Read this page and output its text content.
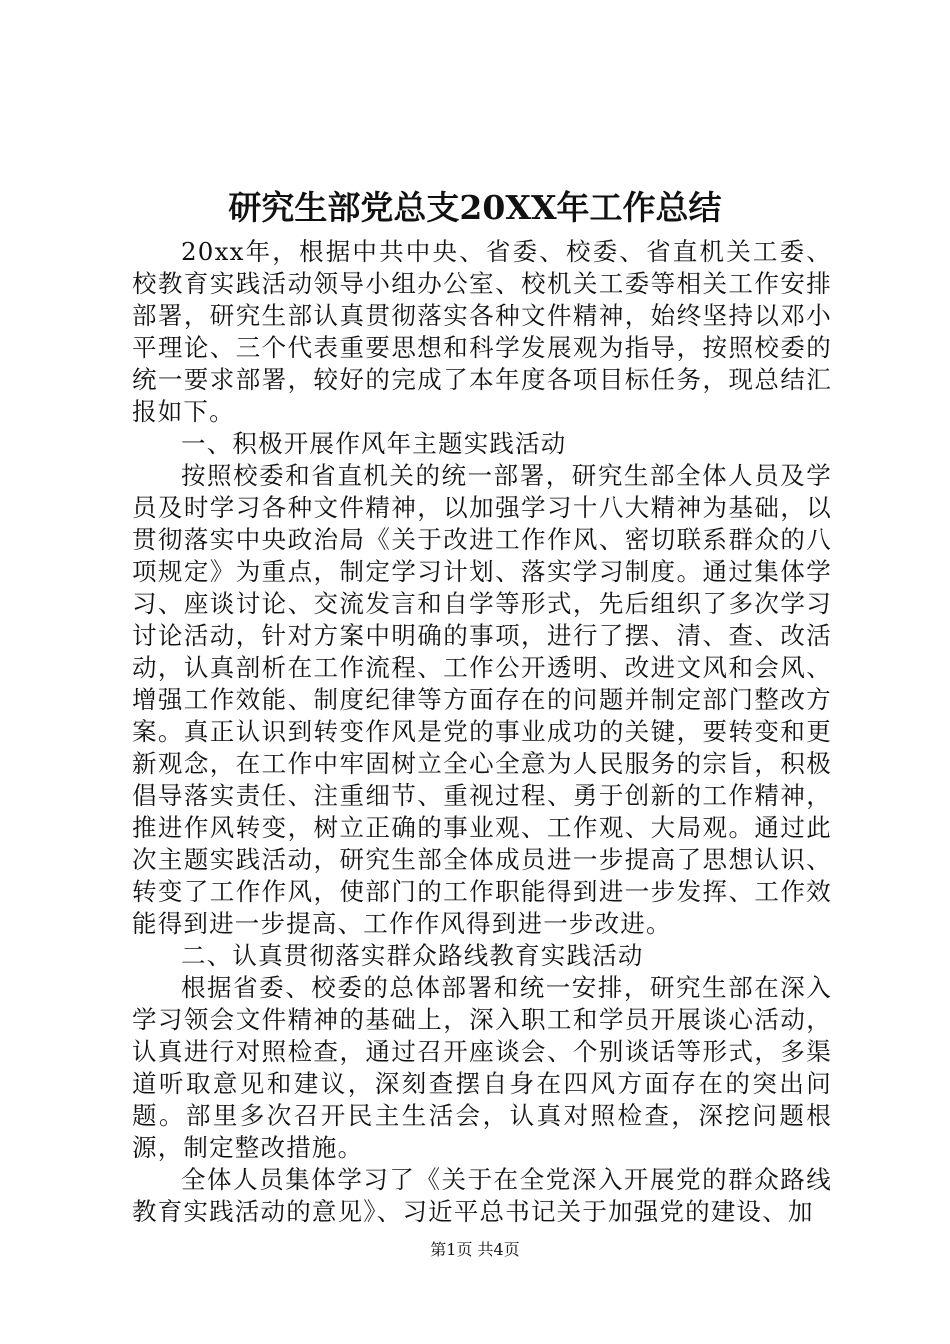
研究生部党总支20XX年工作总结

20xx年，根据中共中央、省委、校委、省直机关工委、校教育实践活动领导小组办公室、校机关工委等相关工作安排部署，研究生部认真贯彻落实各种文件精神，始终坚持以邓小平理论、三个代表重要思想和科学发展观为指导，按照校委的统一要求部署，较好的完成了本年度各项目标任务，现总结汇报如下。

一、积极开展作风年主题实践活动

按照校委和省直机关的统一部署，研究生部全体人员及学员及时学习各种文件精神，以加强学习十八大精神为基础，以贯彻落实中央政治局《关于改进工作作风、密切联系群众的八项规定》为重点，制定学习计划、落实学习制度。通过集体学习、座谈讨论、交流发言和自学等形式，先后组织了多次学习讨论活动，针对方案中明确的事项，进行了摆、清、查、改活动，认真剖析在工作流程、工作公开透明、改进文风和会风、增强工作效能、制度纪律等方面存在的问题并制定部门整改方案。真正认识到转变作风是党的事业成功的关键，要转变和更新观念，在工作中牢固树立全心全意为人民服务的宗旨，积极倡导落实责任、注重细节、重视过程、勇于创新的工作精神，推进作风转变，树立正确的事业观、工作观、大局观。通过此次主题实践活动，研究生部全体成员进一步提高了思想认识、转变了工作作风，使部门的工作职能得到进一步发挥、工作效能得到进一步提高、工作作风得到进一步改进。

二、认真贯彻落实群众路线教育实践活动

根据省委、校委的总体部署和统一安排，研究生部在深入学习领会文件精神的基础上，深入职工和学员开展谈心活动，认真进行对照检查，通过召开座谈会、个别谈话等形式，多渠道听取意见和建议，深刻查摆自身在四风方面存在的突出问题。部里多次召开民主生活会，认真对照检查，深挖问题根源，制定整改措施。

全体人员集体学习了《关于在全党深入开展党的群众路线教育实践活动的意见》、习近平总书记关于加强党的建设、加

第1页 共4页
